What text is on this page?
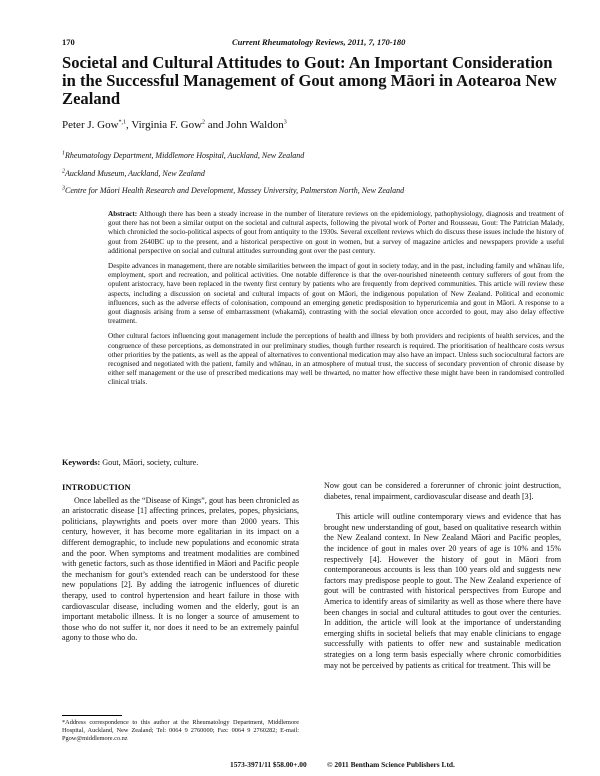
170	Current Rheumatology Reviews, 2011, 7, 170-180
Societal and Cultural Attitudes to Gout: An Important Consideration in the Successful Management of Gout among Māori in Aotearoa New Zealand
Peter J. Gow$^{*,1}$, Virginia F. Gow$^2$ and John Waldon$^3$
$^1$Rheumatology Department, Middlemore Hospital, Auckland, New Zealand
$^2$Auckland Museum, Auckland, New Zealand
$^3$Centre for Māori Health Research and Development, Massey University, Palmerston North, New Zealand

Abstract: Although there has been a steady increase in the number of literature reviews on the epidemiology, pathophysiology, diagnosis and treatment of gout there has not been a similar output on the societal and cultural aspects, following the pivotal work of Porter and Rousseau, Gout: The Patrician Malady, which chronicled the socio-political aspects of gout from antiquity to the 1930s. Several excellent reviews which do discuss these issues include the history of gout from 2640BC up to the present, and a historical perspective on gout in women, but a survey of magazine articles and newspapers provide a useful additional perspective on social and cultural attitudes surrounding gout over the past century.

Despite advances in management, there are notable similarities between the impact of gout in society today, and in the past, including family and whānau life, employment, sport and recreation, and political activities. One notable difference is that the over-nourished nineteenth century sufferers of gout from the opulent aristocracy, have been replaced in the twenty first century by patients who are frequently from deprived communities. This article will review these aspects, including a discussion on societal and cultural impacts of gout on Māori, the indigenous population of New Zealand. Political and economic influences, such as the adverse effects of colonisation, compound an emerging genetic predisposition to hyperuricemia and gout in Māori. A response to a gout diagnosis arising from a sense of embarrassment (whakamā), contrasting with the social elevation once accorded to gout, may also delay effective treatment.

Other cultural factors influencing gout management include the perceptions of health and illness by both providers and recipients of health services, and the congruence of these perceptions, as demonstrated in our preliminary studies, though further research is required. The prioritisation of healthcare costs versus other priorities by the patients, as well as the appeal of alternatives to conventional medication may also have an impact. Unless such sociocultural factors are recognised and negotiated with the patient, family and whānau, in an atmosphere of mutual trust, the success of secondary prevention of chronic disease by either self management or the use of prescribed medications may well be thwarted, no matter how effective these might have been in randomised controlled clinical trials.

Keywords: Gout, Māori, society, culture.
INTRODUCTION

Once labelled as the “Disease of Kings”, gout has been chronicled as an aristocratic disease [1] affecting princes, prelates, popes, physicians, politicians, playwrights and poets over more than 2000 years. This century, however, it has become more egalitarian in its impact on a different demographic, to include new populations and economic strata and the poor. When symptoms and treatment modalities are combined with genetic factors, such as those identified in Māori and Pacific people the mechanism for gout’s extended reach can be understood for these new populations [2]. By adding the iatrogenic influences of diuretic therapy, used to control hypertension and heart failure in those with cardiovascular disease, including women and the elderly, gout is an important metabolic illness. It is no longer a source of amusement to those who do not suffer it, nor does it need to be an extremely painful agony to those who do.

Now gout can be considered a forerunner of chronic joint destruction, diabetes, renal impairment, cardiovascular disease and death [3].

This article will outline contemporary views and evidence that has brought new understanding of gout, based on qualitative research within the New Zealand context. In New Zealand Māori and Pacific peoples, the incidence of gout in males over 20 years of age is 10% and 15% respectively [4]. However the history of gout in Māori from contemporaneous accounts is less than 100 years old and suggests new factors may predispose people to gout. The New Zealand experience of gout will be contrasted with historical perspectives from Europe and America to identify areas of similarity as well as those where there have been changes in social and cultural attitudes to gout over the centuries. In addition, the article will look at the importance of understanding emerging shifts in societal beliefs that may enable clinicians to engage successfully with patients to offer new and sustainable medication strategies on a long term basis especially where chronic comorbidities may not be perceived by patients as critical for treatment. This will be

*Address correspondence to this author at the Rheumatology Department, Middlemore Hospital, Auckland, New Zealand; Tel: 0064 9 2760000; Fax: 0064 9 2760282; E-mail: Pgow@middlemore.co.nz
1573-3971/11 $58.00+.00	© 2011 Bentham Science Publishers Ltd.
